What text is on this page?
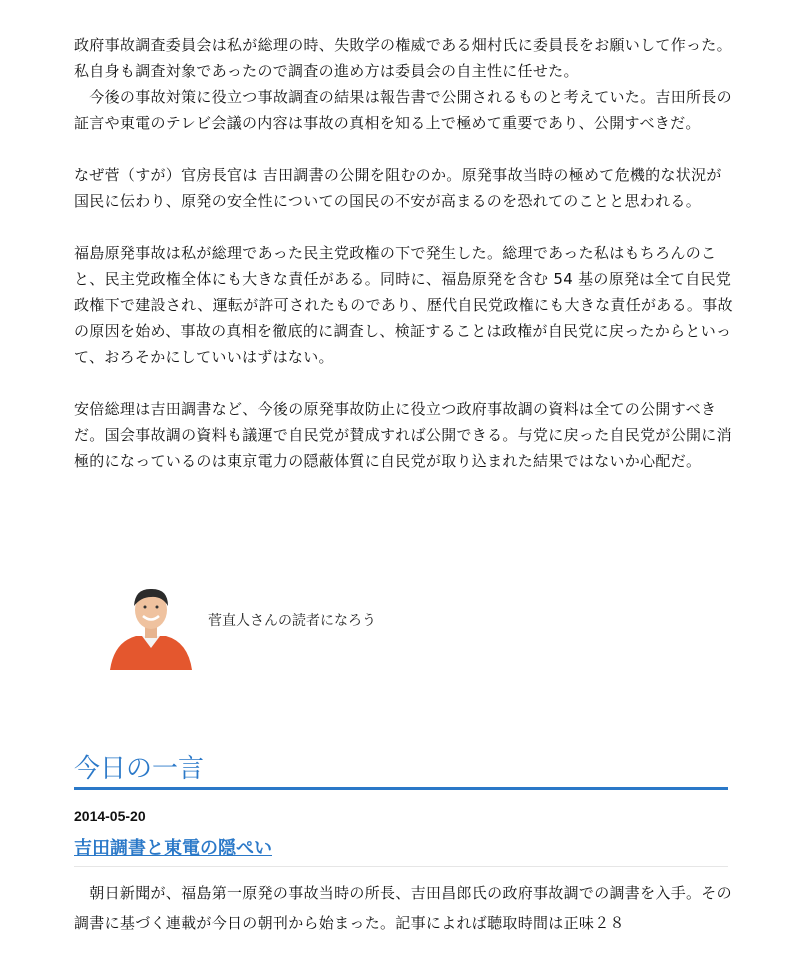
政府事故調査委員会は私が総理の時、失敗学の権威である畑村氏に委員長をお願いして作った。私自身も調査対象であったので調査の進め方は委員会の自主性に任せた。

　今後の事故対策に役立つ事故調査の結果は報告書で公開されるものと考えていた。吉田所長の証言や東電のテレビ会議の内容は事故の真相を知る上で極めて重要であり、公開すべきだ。

なぜ菅（すが）官房長官は 吉田調書の公開を阻むのか。原発事故当時の極めて危機的な状況が国民に伝わり、原発の安全性についての国民の不安が高まるのを恐れてのことと思われる。

福島原発事故は私が総理であった民主党政権の下で発生した。総理であった私はもちろんのこと、民主党政権全体にも大きな責任がある。同時に、福島原発を含む 54 基の原発は全て自民党政権下で建設され、運転が許可されたものであり、歴代自民党政権にも大きな責任がある。事故の原因を始め、事故の真相を徹底的に調査し、検証することは政権が自民党に戻ったからといって、おろそかにしていいはずはない。

安倍総理は吉田調書など、今後の原発事故防止に役立つ政府事故調の資料は全ての公開すべきだ。国会事故調の資料も議運で自民党が賛成すれば公開できる。与党に戻った自民党が公開に消極的になっているのは東京電力の隠蔽体質に自民党が取り込まれた結果ではないか心配だ。

菅直人さんの読者になろう
今日の一言
2014-05-20
吉田調書と東電の隠ぺい

　朝日新聞が、福島第一原発の事故当時の所長、吉田昌郎氏の政府事故調での調書を入手。その調書に基づく連載が今日の朝刊から始まった。記事によれば聴取時間は正味２８
